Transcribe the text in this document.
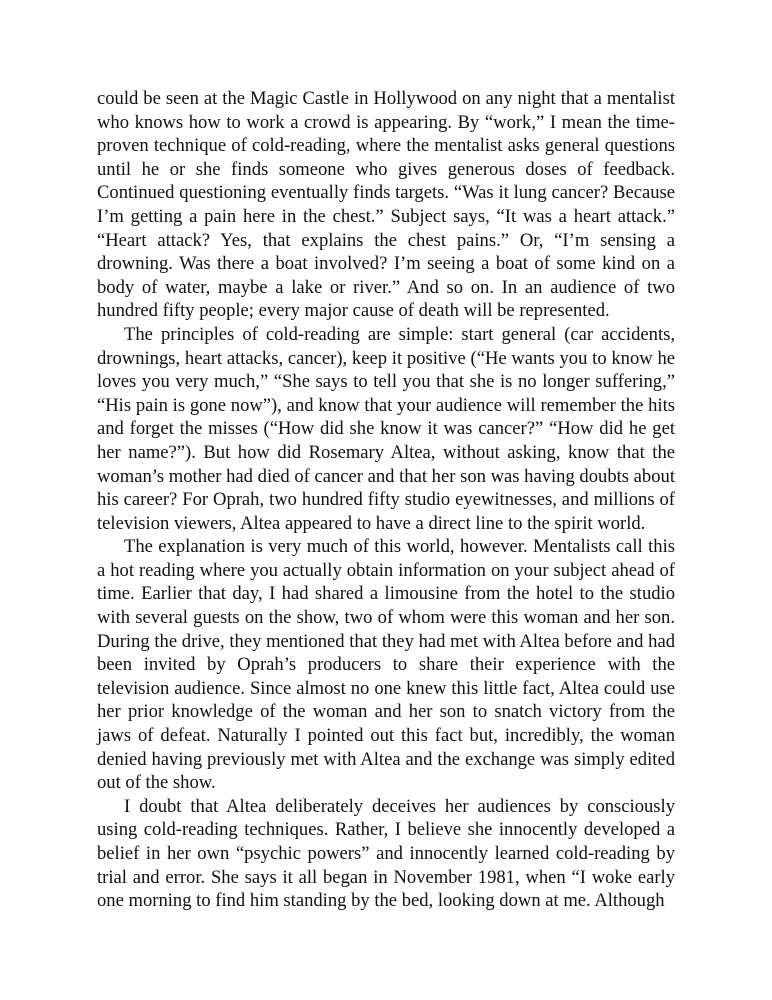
could be seen at the Magic Castle in Hollywood on any night that a mentalist who knows how to work a crowd is appearing. By “work,” I mean the time-proven technique of cold-reading, where the mentalist asks general questions until he or she finds someone who gives generous doses of feedback. Continued questioning eventually finds targets. “Was it lung cancer? Because I’m getting a pain here in the chest.” Subject says, “It was a heart attack.” “Heart attack? Yes, that explains the chest pains.” Or, “I’m sensing a drowning. Was there a boat involved? I’m seeing a boat of some kind on a body of water, maybe a lake or river.” And so on. In an audience of two hundred fifty people; every major cause of death will be represented.

The principles of cold-reading are simple: start general (car accidents, drownings, heart attacks, cancer), keep it positive (“He wants you to know he loves you very much,” “She says to tell you that she is no longer suffering,” “His pain is gone now”), and know that your audience will remember the hits and forget the misses (“How did she know it was cancer?” “How did he get her name?”). But how did Rosemary Altea, without asking, know that the woman’s mother had died of cancer and that her son was having doubts about his career? For Oprah, two hundred fifty studio eyewitnesses, and millions of television viewers, Altea appeared to have a direct line to the spirit world.

The explanation is very much of this world, however. Mentalists call this a hot reading where you actually obtain information on your subject ahead of time. Earlier that day, I had shared a limousine from the hotel to the studio with several guests on the show, two of whom were this woman and her son. During the drive, they mentioned that they had met with Altea before and had been invited by Oprah’s producers to share their experience with the television audience. Since almost no one knew this little fact, Altea could use her prior knowledge of the woman and her son to snatch victory from the jaws of defeat. Naturally I pointed out this fact but, incredibly, the woman denied having previously met with Altea and the exchange was simply edited out of the show.

I doubt that Altea deliberately deceives her audiences by consciously using cold-reading techniques. Rather, I believe she innocently developed a belief in her own “psychic powers” and innocently learned cold-reading by trial and error. She says it all began in November 1981, when “I woke early one morning to find him standing by the bed, looking down at me. Although
